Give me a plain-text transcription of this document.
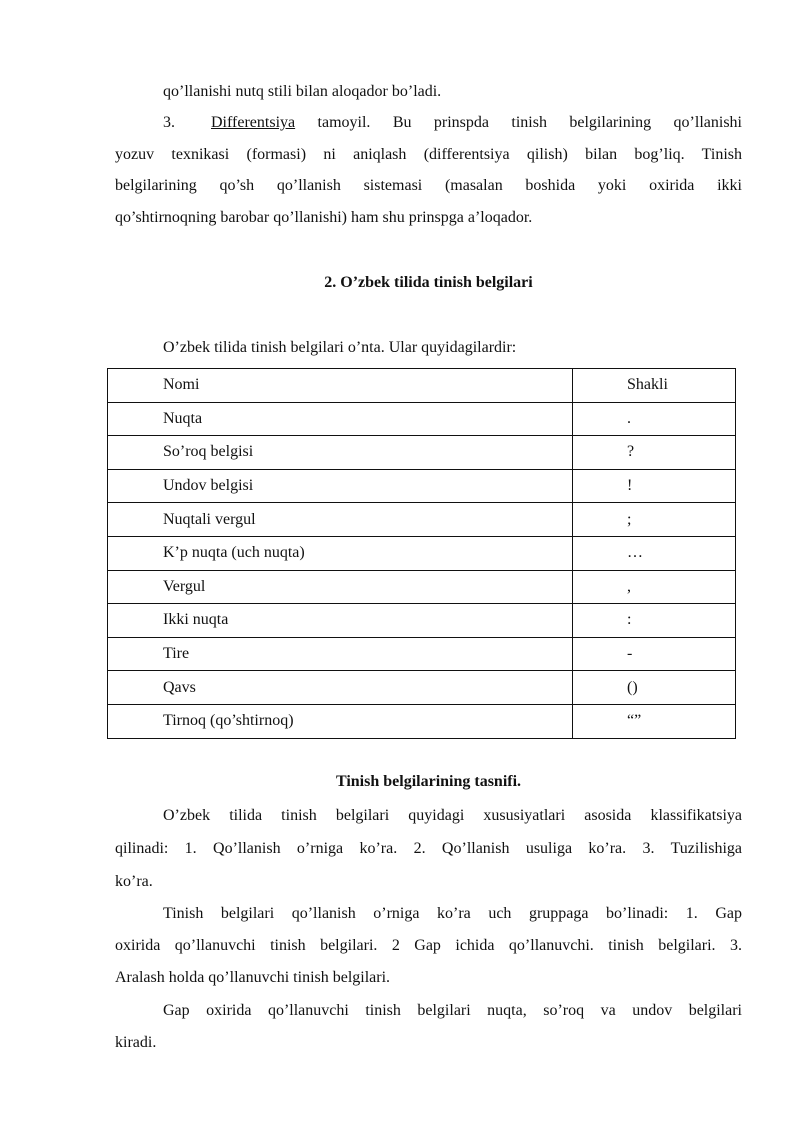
qo’llanishi nutq stili bilan aloqador bo’ladi.
3. Differentsiya tamoyil. Bu prinspda tinish belgilarining qo’llanishi
yozuv texnikasi (formasi) ni aniqlash (differentsiya qilish) bilan bog’liq. Tinish
belgilarining qo’sh qo’llanish sistemasi (masalan boshida yoki oxirida ikki
qo’shtirnoqning barobar qo’llanishi) ham shu prinspga a’loqador.
2. O’zbek tilida tinish belgilari
O’zbek tilida tinish belgilari o’nta. Ular quyidagilardir:
Nomi	Shakli
Nuqta	.
So’roq belgisi	?
Undov belgisi	!
Nuqtali vergul	;
K’p nuqta (uch nuqta)	…
Vergul	,
Ikki nuqta	:
Tire	-
Qavs	()
Tirnoq (qo’shtirnoq)	“”
Tinish belgilarining tasnifi.
O’zbek tilida tinish belgilari quyidagi xususiyatlari asosida klassifikatsiya
qilinadi: 1. Qo’llanish o’rniga ko’ra. 2. Qo’llanish usuliga ko’ra. 3. Tuzilishiga
ko’ra.
Tinish belgilari qo’llanish o’rniga ko’ra uch gruppaga bo’linadi: 1. Gap
oxirida qo’llanuvchi tinish belgilari. 2 Gap ichida qo’llanuvchi. tinish belgilari. 3.
Aralash holda qo’llanuvchi tinish belgilari.
Gap oxirida qo’llanuvchi tinish belgilari nuqta, so’roq va undov belgilari
kiradi.
